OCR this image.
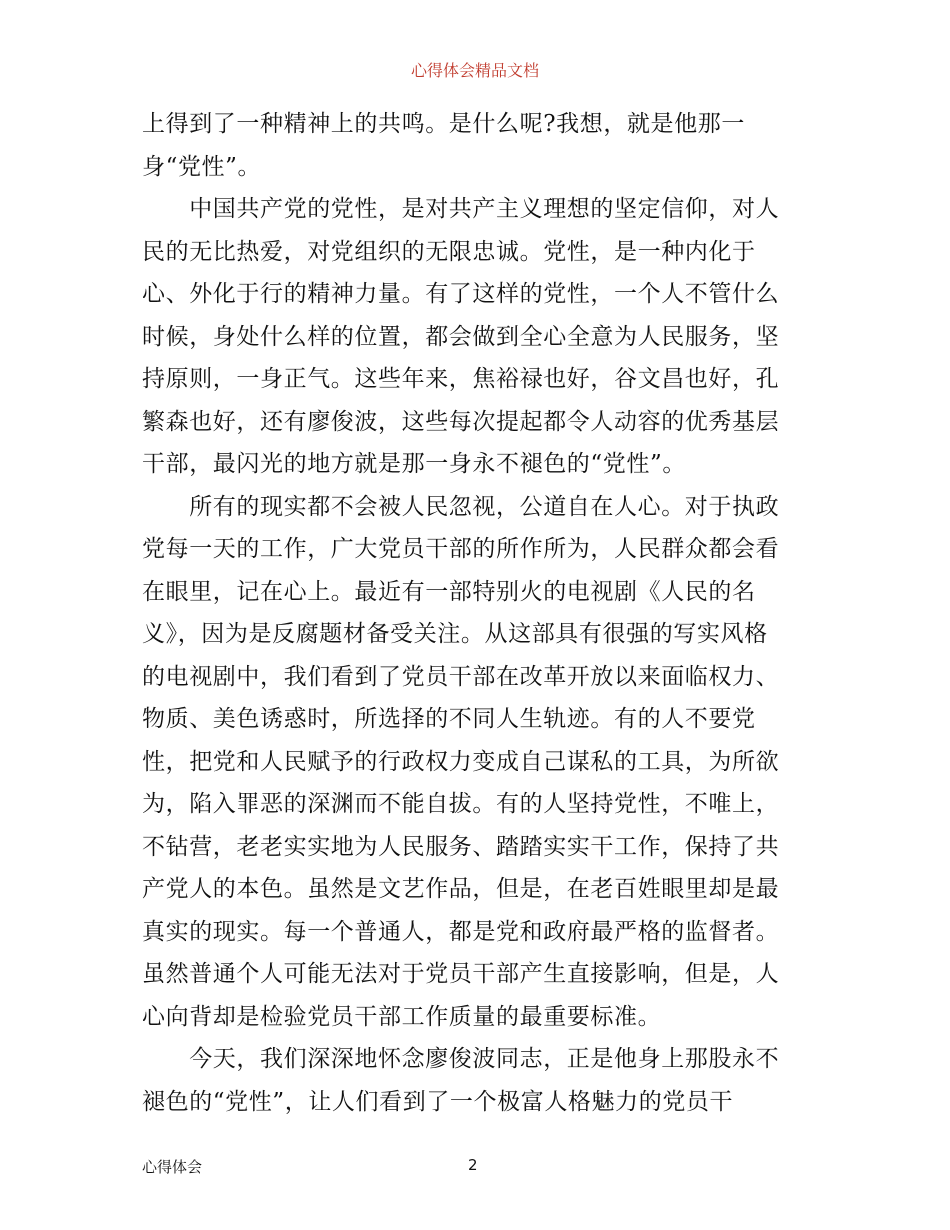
心得体会精品文档
上得到了一种精神上的共鸣。是什么呢?我想，就是他那一
身“党性”。
　　中国共产党的党性，是对共产主义理想的坚定信仰，对人
民的无比热爱，对党组织的无限忠诚。党性，是一种内化于
心、外化于行的精神力量。有了这样的党性，一个人不管什么
时候，身处什么样的位置，都会做到全心全意为人民服务，坚
持原则，一身正气。这些年来，焦裕禄也好，谷文昌也好，孔
繁森也好，还有廖俊波，这些每次提起都令人动容的优秀基层
干部，最闪光的地方就是那一身永不褪色的“党性”。
　　所有的现实都不会被人民忽视，公道自在人心。对于执政
党每一天的工作，广大党员干部的所作所为，人民群众都会看
在眼里，记在心上。最近有一部特别火的电视剧《人民的名
义》，因为是反腐题材备受关注。从这部具有很强的写实风格
的电视剧中，我们看到了党员干部在改革开放以来面临权力、
物质、美色诱惑时，所选择的不同人生轨迹。有的人不要党
性，把党和人民赋予的行政权力变成自己谋私的工具，为所欲
为，陷入罪恶的深渊而不能自拔。有的人坚持党性，不唯上，
不钻营，老老实实地为人民服务、踏踏实实干工作，保持了共
产党人的本色。虽然是文艺作品，但是，在老百姓眼里却是最
真实的现实。每一个普通人，都是党和政府最严格的监督者。
虽然普通个人可能无法对于党员干部产生直接影响，但是，人
心向背却是检验党员干部工作质量的最重要标准。
　　今天，我们深深地怀念廖俊波同志，正是他身上那股永不
褪色的“党性”，让人们看到了一个极富人格魅力的党员干
心得体会	2
